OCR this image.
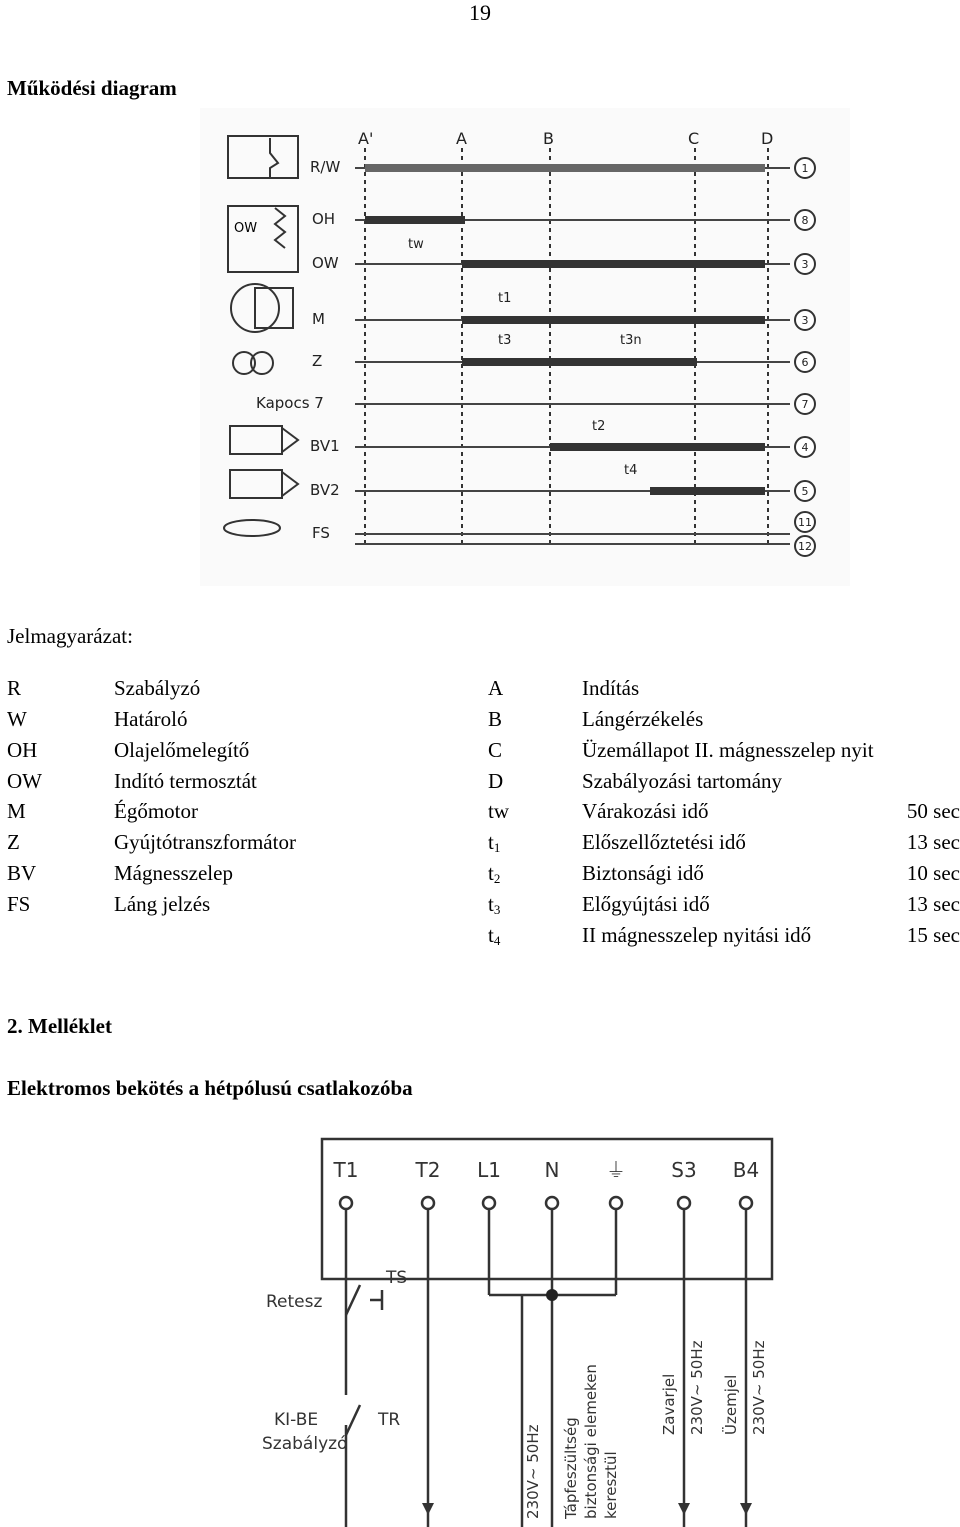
19
Működési diagram
OW
A'	A	B	C	D
R/W
OH
OW
M
Z
Kapocs 7
BV1
BV2
FS
tw
t1
t3	t3n
t2
t4
1
8
3
3
6
7
4
5
11
12
Jelmagyarázat:
R	Szabályzó
W	Határoló
OH	Olajelőmelegítő
OW	Indító termosztát
M	Égőmotor
Z	Gyújtótranszformátor
BV	Mágnesszelep
FS	Láng jelzés
A	Indítás
B	Lángérzékelés
C	Üzemállapot II. mágnesszelep nyit
D	Szabályozási tartomány
tw	Várakozási idő	50 sec
$t_1$	Előszellőztetési idő	13 sec
$t_2$	Biztonsági idő	10 sec
$t_3$	Előgyújtási idő	13 sec
$t_4$	II mágnesszelep nyitási idő	15 sec
2. Melléklet
Elektromos bekötés a hétpólusú csatlakozóba
T1	T2 L1 N ⏚ S3 B4
Retesz
TS
KI-BE
Szabályzó
TR
230V~ 50Hz Tápfeszültség biztonsági elemeken keresztül
Zavarjel 230V~ 50Hz Üzemjel 230V~ 50Hz
